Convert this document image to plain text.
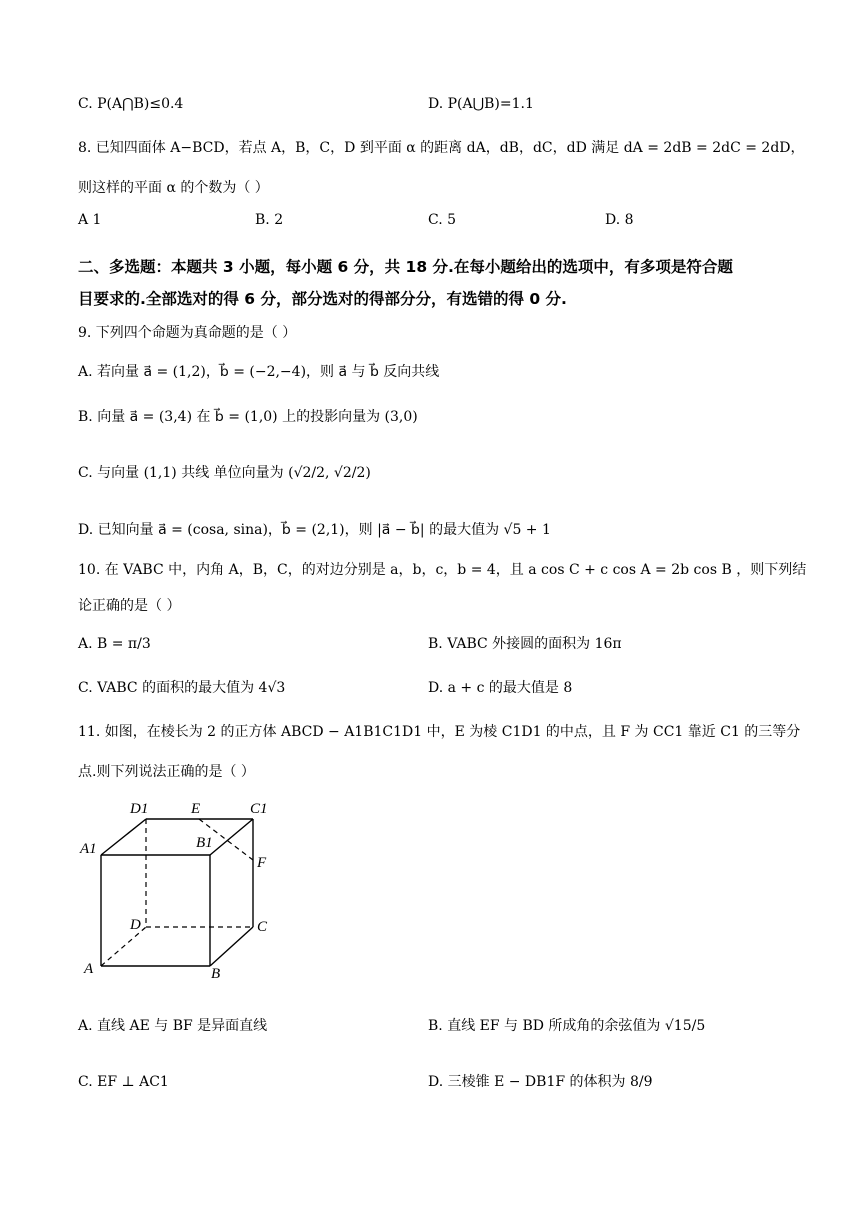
C. P(A⋂B)≤0.4	D. P(A⋃B)=1.1
8. 已知四面体 A−BCD，若点 A，B，C，D 到平面 α 的距离 dA，dB，dC，dD 满足 dA = 2dB = 2dC = 2dD，
则这样的平面 α 的个数为（ ）
A 1	B. 2	C. 5	D. 8
二、多选题：本题共 3 小题，每小题 6 分，共 18 分.在每小题给出的选项中，有多项是符合题
目要求的.全部选对的得 6 分，部分选对的得部分分，有选错的得 0 分.
9. 下列四个命题为真命题的是（ ）
A. 若向量 a⃗ = (1,2)，b⃗ = (−2,−4)，则 a⃗ 与 b⃗ 反向共线
B. 向量 a⃗ = (3,4) 在 b⃗ = (1,0) 上的投影向量为 (3,0)
C. 与向量 (1,1) 共线 单位向量为 (√2/2, √2/2)
D. 已知向量 a⃗ = (cosa, sina)，b⃗ = (2,1)，则 |a⃗ − b⃗| 的最大值为 √5 + 1
10. 在 VABC 中，内角 A，B，C，的对边分别是 a，b，c，b = 4，且 a cos C + c cos A = 2b cos B ，则下列结
论正确的是（ ）
A. B = π/3	B. VABC 外接圆的面积为 16π
C. VABC 的面积的最大值为 4√3	D. a + c 的最大值是 8
11. 如图，在棱长为 2 的正方体 ABCD − A1B1C1D1 中，E 为棱 C1D1 的中点，且 F 为 CC1 靠近 C1 的三等分
点.则下列说法正确的是（ ）
D1	E	C1
A1	B1
F
D	C
A	B
A. 直线 AE 与 BF 是异面直线	B. 直线 EF 与 BD 所成角的余弦值为 √15/5
C. EF ⊥ AC1	D. 三棱锥 E − DB1F 的体积为 8/9
